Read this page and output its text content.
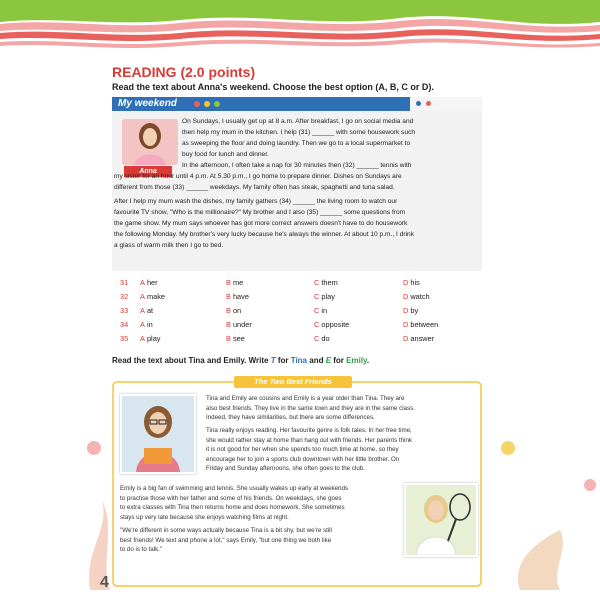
READING (2.0 points)
Read the text about Anna's weekend. Choose the best option (A, B, C or D).
My weekend
Anna
On Sundays, I usually get up at 8 a.m. After breakfast, I go on social media and
then help my mum in the kitchen. I help (31) ______ with some housework such
as sweeping the floor and doing laundry. Then we go to a local supermarket to
buy food for lunch and dinner.
In the afternoon, I often take a nap for 30 minutes then (32) ______ tennis with
my sister for an hour until 4 p.m. At 5.30 p.m., I go home to prepare dinner. Dishes on Sundays are
different from those (33) ______ weekdays. My family often has steak, spaghetti and tuna salad.
After I help my mum wash the dishes, my family gathers (34) ______ the living room to watch our
favourite TV show, "Who is the millionaire?" My brother and I also (35) ______ some questions from
the game show. My mum says whoever has got more correct answers doesn't have to do housework
the following Monday. My brother's very lucky because he's always the winner. At about 10 p.m., I drink
a glass of warm milk then I go to bed.
31 A her	B me	C them	D his
32 A make	B have	C play	D watch
33 A at	B on	C in	D by
34 A in	B under	C opposite	D between
35 A play	B see	C do	D answer
Read the text about Tina and Emily. Write T for Tina and E for Emily.
The Two Best Friends
Tina and Emily are cousins and Emily is a year older than Tina. They are
also best friends. They live in the same town and they are in the same class.
Indeed, they have similarities, but there are some differences.
Tina really enjoys reading. Her favourite genre is folk tales. In her free time,
she would rather stay at home than hang out with friends. Her parents think
it is not good for her when she spends too much time at home, so they
encourage her to join a sports club downtown with her little brother. On
Friday and Sunday afternoons, she often goes to the club.
Emily is a big fan of swimming and tennis. She usually wakes up early at weekends
to practise those with her father and some of his friends. On weekdays, she goes
to extra classes with Tina then returns home and does homework. She sometimes
stays up very late because she enjoys watching films at night.
"We're different in some ways actually because Tina is a bit shy, but we're still
best friends! We text and phone a lot," says Emily, "but one thing we both like
to do is to talk."
4
